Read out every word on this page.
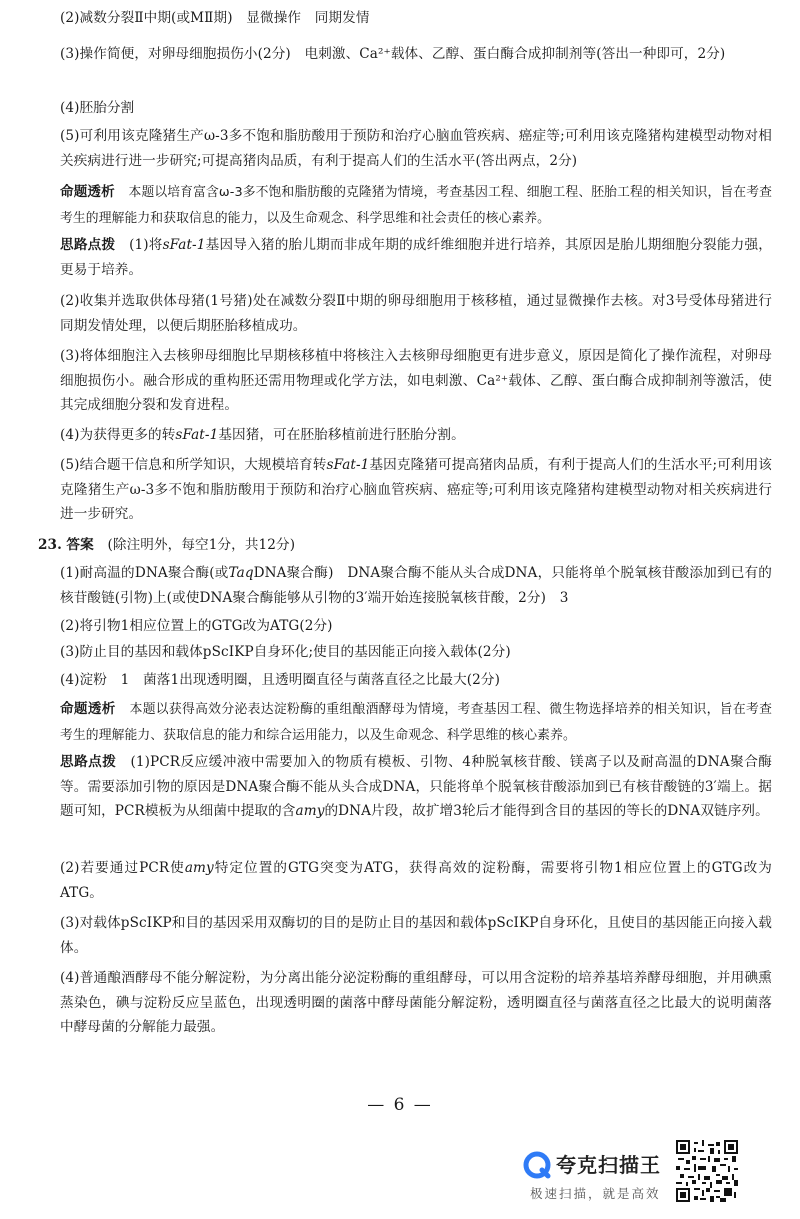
(2)减数分裂Ⅱ中期(或MⅡ期)　显微操作　同期发情

(3)操作简便，对卵母细胞损伤小(2分)　电刺激、Ca²⁺载体、乙醇、蛋白酶合成抑制剂等(答出一种即可，2分)

(4)胚胎分割

(5)可利用该克隆猪生产ω-3多不饱和脂肪酸用于预防和治疗心脑血管疾病、癌症等;可利用该克隆猪构建模型动物对相关疾病进行进一步研究;可提高猪肉品质，有利于提高人们的生活水平(答出两点，2分)

命题透析　 本题以培育富含ω-3多不饱和脂肪酸的克隆猪为情境，考查基因工程、细胞工程、胚胎工程的相关知识，旨在考查考生的理解能力和获取信息的能力，以及生命观念、科学思维和社会责任的核心素养。

思路点拨　 (1)将sFat-1基因导入猪的胎儿期而非成年期的成纤维细胞并进行培养，其原因是胎儿期细胞分裂能力强，更易于培养。

(2)收集并选取供体母猪(1号猪)处在减数分裂Ⅱ中期的卵母细胞用于核移植，通过显微操作去核。对3号受体母猪进行同期发情处理，以便后期胚胎移植成功。

(3)将体细胞注入去核卵母细胞比早期核移植中将核注入去核卵母细胞更有进步意义，原因是简化了操作流程，对卵母细胞损伤小。融合形成的重构胚还需用物理或化学方法，如电刺激、Ca²⁺载体、乙醇、蛋白酶合成抑制剂等激活，使其完成细胞分裂和发育进程。

(4)为获得更多的转sFat-1基因猪，可在胚胎移植前进行胚胎分割。

(5)结合题干信息和所学知识，大规模培育转sFat-1基因克隆猪可提高猪肉品质，有利于提高人们的生活水平;可利用该克隆猪生产ω-3多不饱和脂肪酸用于预防和治疗心脑血管疾病、癌症等;可利用该克隆猪构建模型动物对相关疾病进行进一步研究。

23. 答案　 (除注明外，每空1分，共12分)

(1)耐高温的DNA聚合酶(或TaqDNA聚合酶)　DNA聚合酶不能从头合成DNA，只能将单个脱氧核苷酸添加到已有的核苷酸链(引物)上(或使DNA聚合酶能够从引物的3′端开始连接脱氧核苷酸，2分)　3

(2)将引物1相应位置上的GTG改为ATG(2分)

(3)防止目的基因和载体pScIKP自身环化;使目的基因能正向接入载体(2分)

(4)淀粉　1　菌落1出现透明圈，且透明圈直径与菌落直径之比最大(2分)

命题透析　 本题以获得高效分泌表达淀粉酶的重组酿酒酵母为情境，考查基因工程、微生物选择培养的相关知识，旨在考查考生的理解能力、获取信息的能力和综合运用能力，以及生命观念、科学思维的核心素养。

思路点拨　 (1)PCR反应缓冲液中需要加入的物质有模板、引物、4种脱氧核苷酸、镁离子以及耐高温的DNA聚合酶等。需要添加引物的原因是DNA聚合酶不能从头合成DNA，只能将单个脱氧核苷酸添加到已有核苷酸链的3′端上。据题可知，PCR模板为从细菌中提取的含amy的DNA片段，故扩增3轮后才能得到含目的基因的等长的DNA双链序列。

(2)若要通过PCR使amy特定位置的GTG突变为ATG，获得高效的淀粉酶，需要将引物1相应位置上的GTG改为ATG。

(3)对载体pScIKP和目的基因采用双酶切的目的是防止目的基因和载体pScIKP自身环化，且使目的基因能正向接入载体。

(4)普通酿酒酵母不能分解淀粉，为分离出能分泌淀粉酶的重组酵母，可以用含淀粉的培养基培养酵母细胞，并用碘熏蒸染色，碘与淀粉反应呈蓝色，出现透明圈的菌落中酵母菌能分解淀粉，透明圈直径与菌落直径之比最大的说明菌落中酵母菌的分解能力最强。

— 6 —
夸克扫描王
极速扫描，就是高效
